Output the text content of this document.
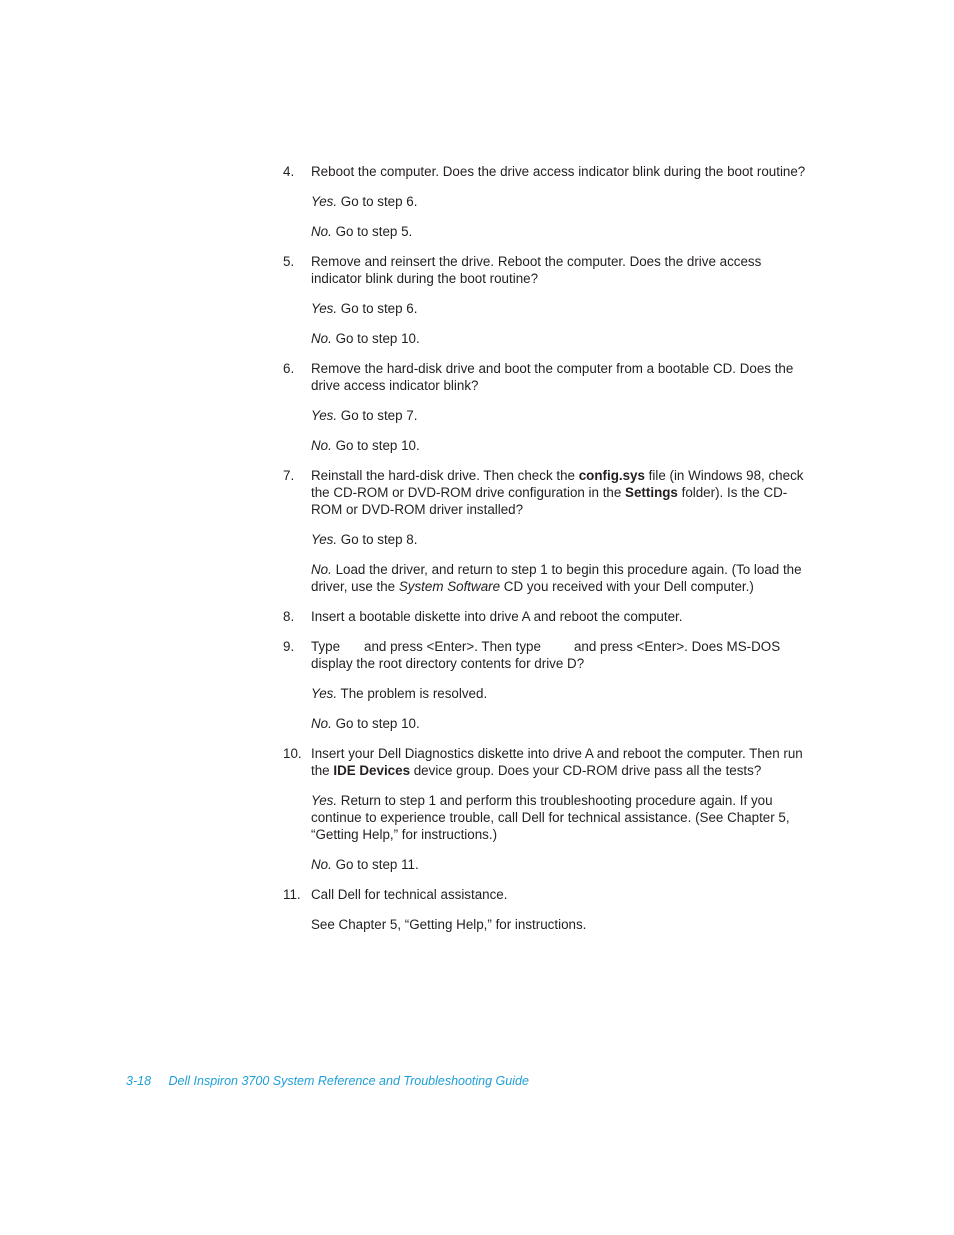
4. Reboot the computer. Does the drive access indicator blink during the boot routine?

Yes. Go to step 6.

No. Go to step 5.

5. Remove and reinsert the drive. Reboot the computer. Does the drive access indicator blink during the boot routine?

Yes. Go to step 6.

No. Go to step 10.

6. Remove the hard-disk drive and boot the computer from a bootable CD. Does the drive access indicator blink?

Yes. Go to step 7.

No. Go to step 10.

7. Reinstall the hard-disk drive. Then check the config.sys file (in Windows 98, check the CD-ROM or DVD-ROM drive configuration in the Settings folder). Is the CD-ROM or DVD-ROM driver installed?

Yes. Go to step 8.

No. Load the driver, and return to step 1 to begin this procedure again. (To load the driver, use the System Software CD you received with your Dell computer.)

8. Insert a bootable diskette into drive A and reboot the computer.

9. Type and press <Enter>. Then type and press <Enter>. Does MS-DOS display the root directory contents for drive D?

Yes. The problem is resolved.

No. Go to step 10.

10. Insert your Dell Diagnostics diskette into drive A and reboot the computer. Then run the IDE Devices device group. Does your CD-ROM drive pass all the tests?

Yes. Return to step 1 and perform this troubleshooting procedure again. If you continue to experience trouble, call Dell for technical assistance. (See Chapter 5, “Getting Help,” for instructions.)

No. Go to step 11.

11. Call Dell for technical assistance.

See Chapter 5, “Getting Help,” for instructions.

3-18 Dell Inspiron 3700 System Reference and Troubleshooting Guide
